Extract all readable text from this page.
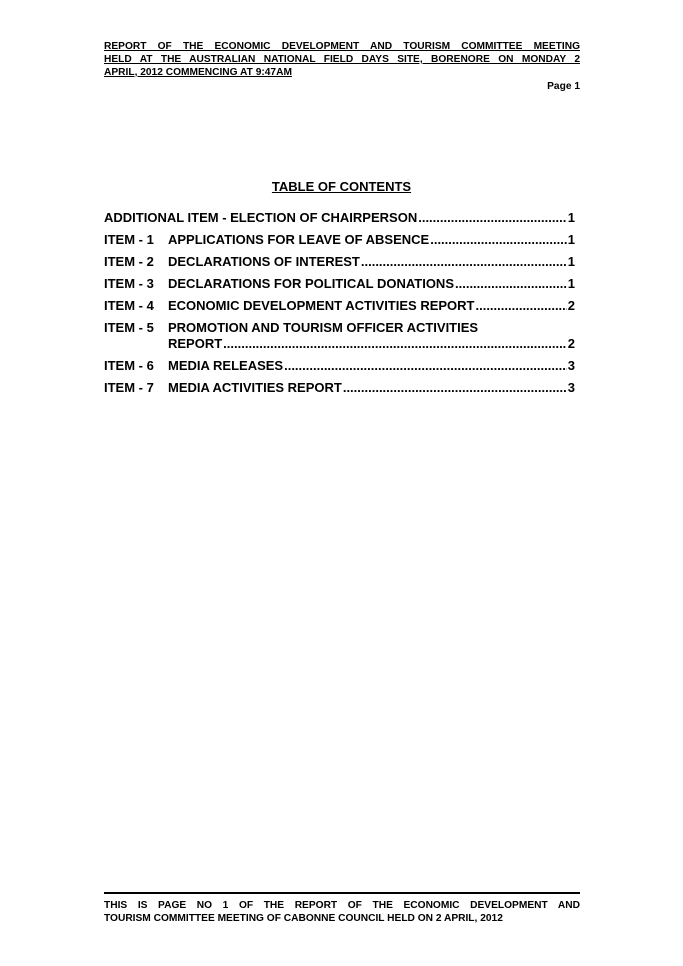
REPORT OF THE ECONOMIC DEVELOPMENT AND TOURISM COMMITTEE MEETING
HELD AT THE AUSTRALIAN NATIONAL FIELD DAYS SITE, BORENORE ON MONDAY 2
APRIL, 2012 COMMENCING AT 9:47AM
Page 1
TABLE OF CONTENTS
ADDITIONAL ITEM - ELECTION OF CHAIRPERSON .....	1
ITEM - 1	APPLICATIONS FOR LEAVE OF ABSENCE .....	1
ITEM - 2	DECLARATIONS OF INTEREST .....	1
ITEM - 3	DECLARATIONS FOR POLITICAL DONATIONS .....	1
ITEM - 4	ECONOMIC DEVELOPMENT ACTIVITIES REPORT .....	2
ITEM - 5	PROMOTION AND TOURISM OFFICER ACTIVITIES
REPORT .....	2
ITEM - 6	MEDIA RELEASES .....	3
ITEM - 7	MEDIA ACTIVITIES REPORT .....	3
THIS IS PAGE NO 1 OF THE REPORT OF THE ECONOMIC DEVELOPMENT AND
TOURISM COMMITTEE MEETING OF CABONNE COUNCIL HELD ON 2 APRIL, 2012
